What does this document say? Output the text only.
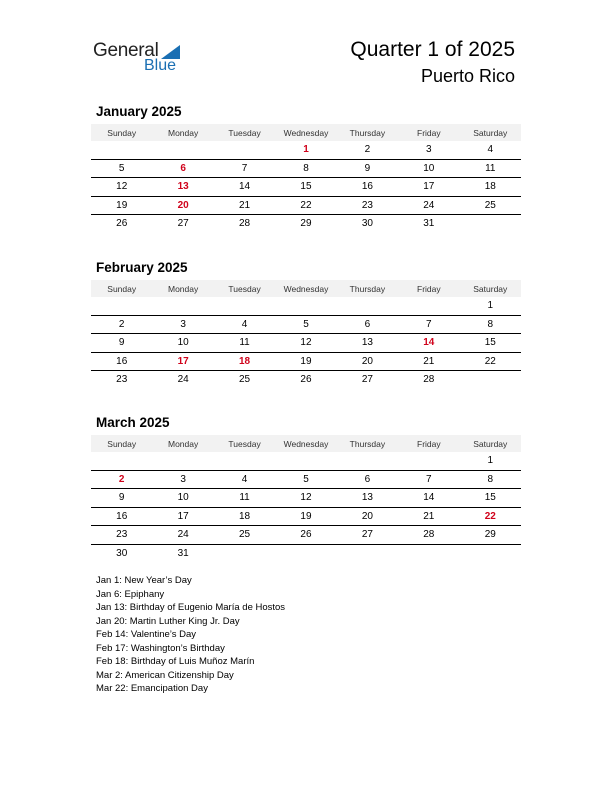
General
Blue
Quarter 1 of 2025
Puerto Rico
January 2025
Sunday	Monday	Tuesday	Wednesday	Thursday	Friday	Saturday
			1	2	3	4
5	6	7	8	9	10	11
12	13	14	15	16	17	18
19	20	21	22	23	24	25
26	27	28	29	30	31	
February 2025
Sunday	Monday	Tuesday	Wednesday	Thursday	Friday	Saturday
						1
2	3	4	5	6	7	8
9	10	11	12	13	14	15
16	17	18	19	20	21	22
23	24	25	26	27	28	
March 2025
Sunday	Monday	Tuesday	Wednesday	Thursday	Friday	Saturday
						1
2	3	4	5	6	7	8
9	10	11	12	13	14	15
16	17	18	19	20	21	22
23	24	25	26	27	28	29
30	31					
Jan 1: New Year’s Day
Jan 6: Epiphany
Jan 13: Birthday of Eugenio María de Hostos
Jan 20: Martin Luther King Jr. Day
Feb 14: Valentine’s Day
Feb 17: Washington’s Birthday
Feb 18: Birthday of Luis Muñoz Marín
Mar 2: American Citizenship Day
Mar 22: Emancipation Day
